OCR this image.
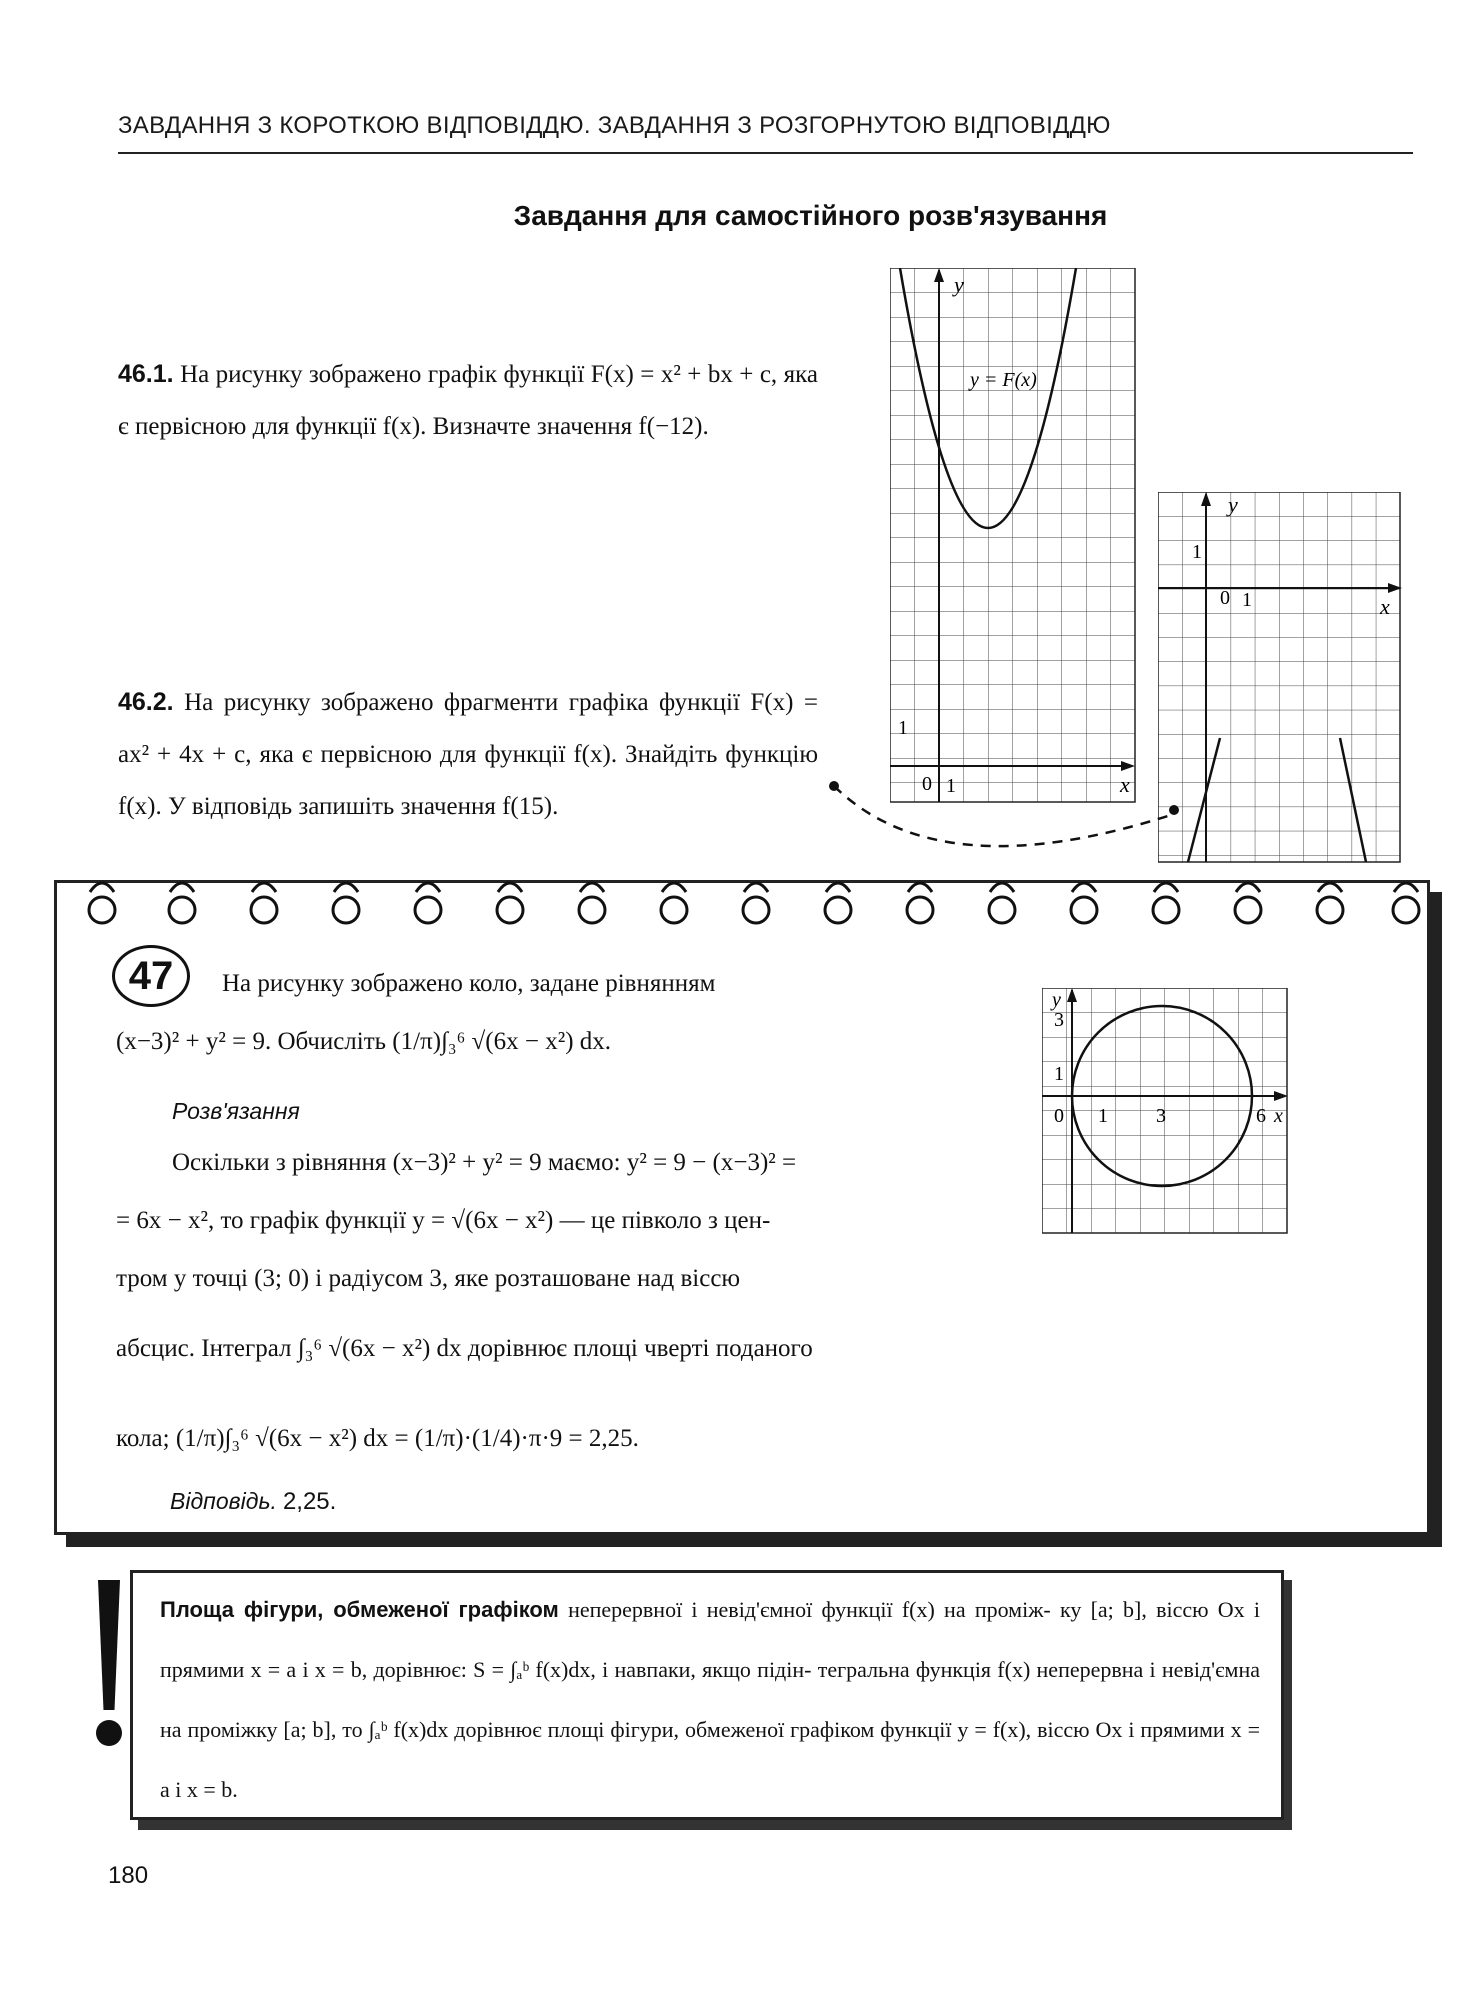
ЗАВДАННЯ З КОРОТКОЮ ВІДПОВІДДЮ. ЗАВДАННЯ З РОЗГОРНУТОЮ ВІДПОВІДДЮ
Завдання для самостійного розв'язування
46.1. На рисунку зображено графік функції F(x) = x² + bx + c, яка є первісною для функції f(x). Визначте значення f(−12).
46.2. На рисунку зображено фрагменти графіка функції F(x) = ax² + 4x + c, яка є первісною для функції f(x). Знайдіть функцію f(x). У відповідь запишіть значення f(15).
y
x
y = F(x)
0 1
1
y
x
0 1
1
47	На рисунку зображено коло, задане рівнянням
(x−3)² + y² = 9. Обчисліть (1/π)∫₃⁶ √(6x − x²) dx.
Розв'язання
Оскільки з рівняння (x−3)² + y² = 9 маємо: y² = 9 − (x−3)² =
= 6x − x², то графік функції y = √(6x − x²) — це півколо з цен-
тром у точці (3; 0) і радіусом 3, яке розташоване над віссю
абсцис. Інтеграл ∫₃⁶ √(6x − x²) dx дорівнює площі чверті поданого
кола; (1/π)∫₃⁶ √(6x − x²) dx = (1/π)·(1/4)·π·9 = 2,25.
Відповідь. 2,25.
y
3
1
0 1 3	6 x
Площа фігури, обмеженої графіком неперервної і невід'ємної функції f(x) на проміж- ку [a; b], віссю Ox і прямими x = a і x = b, дорівнює: S = ∫ₐᵇ f(x)dx, і навпаки, якщо підін- тегральна функція f(x) неперервна і невід'ємна на проміжку [a; b], то ∫ₐᵇ f(x)dx дорівнює площі фігури, обмеженої графіком функції y = f(x), віссю Ox і прямими x = a і x = b.
180
